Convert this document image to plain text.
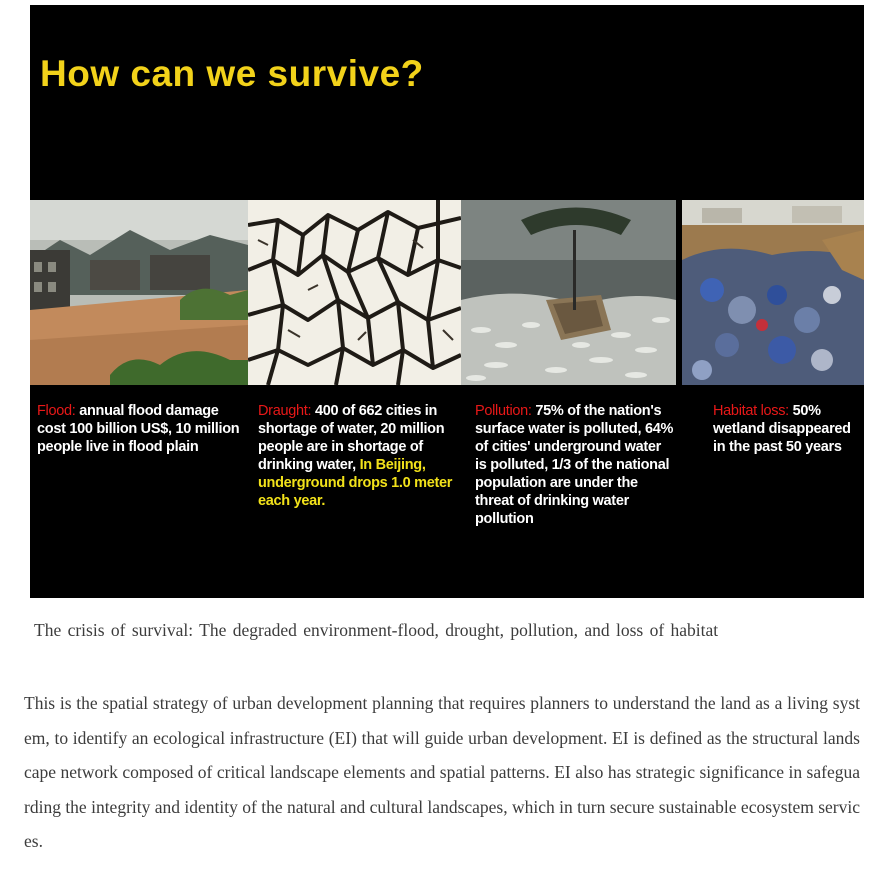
How can we survive?
Flood: annual flood damage cost 100 billion US$, 10 million people live in flood plain
Draught: 400 of 662 cities in shortage of water, 20 million people are in shortage of drinking water, In Beijing, underground drops 1.0 meter each year.
Pollution: 75% of the nation's surface water is polluted, 64% of cities' underground water is polluted, 1/3 of the national population are under the threat of drinking water pollution
Habitat loss: 50% wetland disappeared in the past 50 years

The crisis of survival: The degraded environment-flood, drought, pollution, and loss of habitat

This is the spatial strategy of urban development planning that requires planners to understand the land as a living system, to identify an ecological infrastructure (EI) that will guide urban development. EI is defined as the structural landscape network composed of critical landscape elements and spatial patterns. EI also has strategic significance in safeguarding the integrity and identity of the natural and cultural landscapes, which in turn secure sustainable ecosystem services.
